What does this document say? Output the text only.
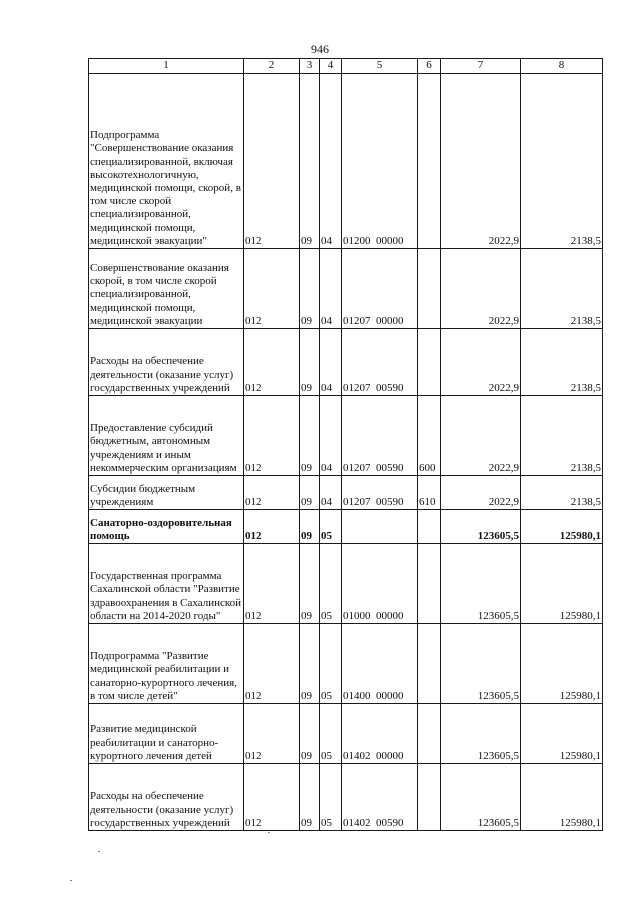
946
1	2	3	4	5	6	7	8
Подпрограмма "Совершенствование оказания специализированной, включая высокотехнологичную, медицинской помощи, скорой, в том числе скорой специализированной, медицинской помощи, медицинской эвакуации"	012	09	04	01200  00000		2022,9	2138,5
Совершенствование оказания скорой, в том числе скорой специализированной, медицинской помощи, медицинской эвакуации	012	09	04	01207  00000		2022,9	2138,5
Расходы на обеспечение деятельности (оказание услуг) государственных учреждений	012	09	04	01207  00590		2022,9	2138,5
Предоставление субсидий бюджетным, автономным учреждениям и иным некоммерческим организациям	012	09	04	01207  00590	600	2022,9	2138,5
Субсидии бюджетным учреждениям	012	09	04	01207  00590	610	2022,9	2138,5
Санаторно-оздоровительная помощь	012	09	05			123605,5	125980,1
Государственная программа Сахалинской области "Развитие здравоохранения в Сахалинской области на 2014-2020 годы"	012	09	05	01000  00000		123605,5	125980,1
Подпрограмма "Развитие медицинской реабилитации и санаторно-курортного лечения, в том числе детей"	012	09	05	01400  00000		123605,5	125980,1
Развитие медицинской реабилитации и санаторно-курортного лечения детей	012	09	05	01402  00000		123605,5	125980,1
Расходы на обеспечение деятельности (оказание услуг) государственных учреждений	012	09	05	01402  00590		123605,5	125980,1
